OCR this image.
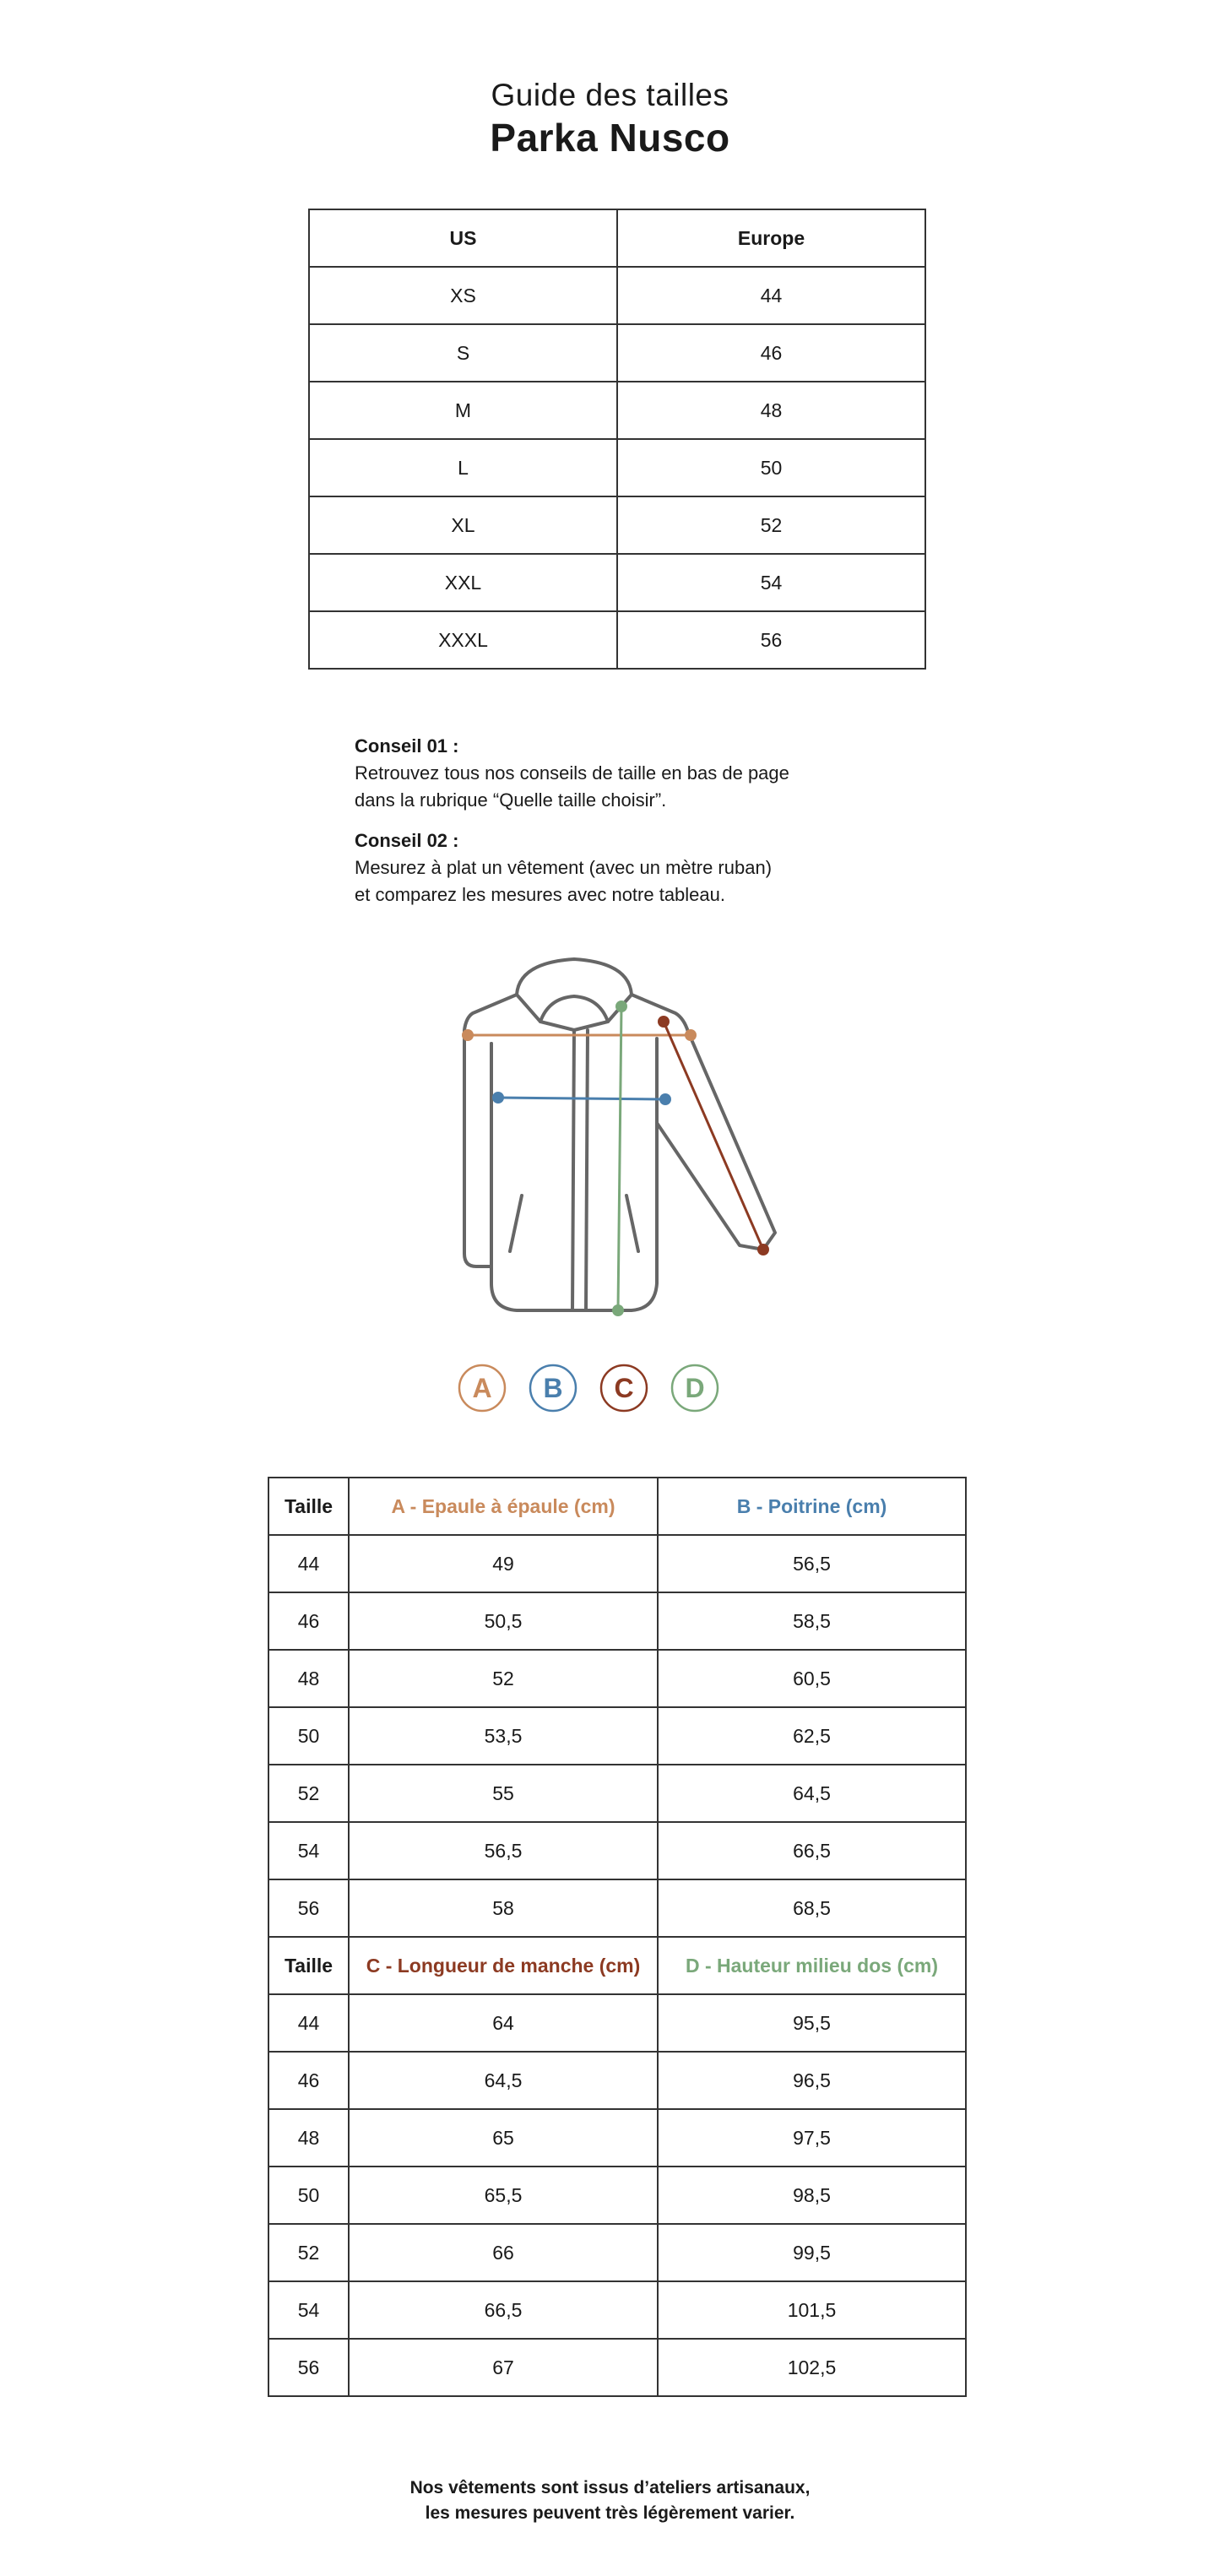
Guide des tailles
Parka Nusco
US	Europe
XS	44
S	46
M	48
L	50
XL	52
XXL	54
XXXL	56
Conseil 01 :
Retrouvez tous nos conseils de taille en bas de page
dans la rubrique “Quelle taille choisir”.
Conseil 02 :
Mesurez à plat un vêtement (avec un mètre ruban)
et comparez les mesures avec notre tableau.
A B C D
Taille	A - Epaule à épaule (cm)	B - Poitrine (cm)
44	49	56,5
46	50,5	58,5
48	52	60,5
50	53,5	62,5
52	55	64,5
54	56,5	66,5
56	58	68,5
Taille	C - Longueur de manche (cm)	D - Hauteur milieu dos (cm)
44	64	95,5
46	64,5	96,5
48	65	97,5
50	65,5	98,5
52	66	99,5
54	66,5	101,5
56	67	102,5
Nos vêtements sont issus d’ateliers artisanaux,
les mesures peuvent très légèrement varier.
